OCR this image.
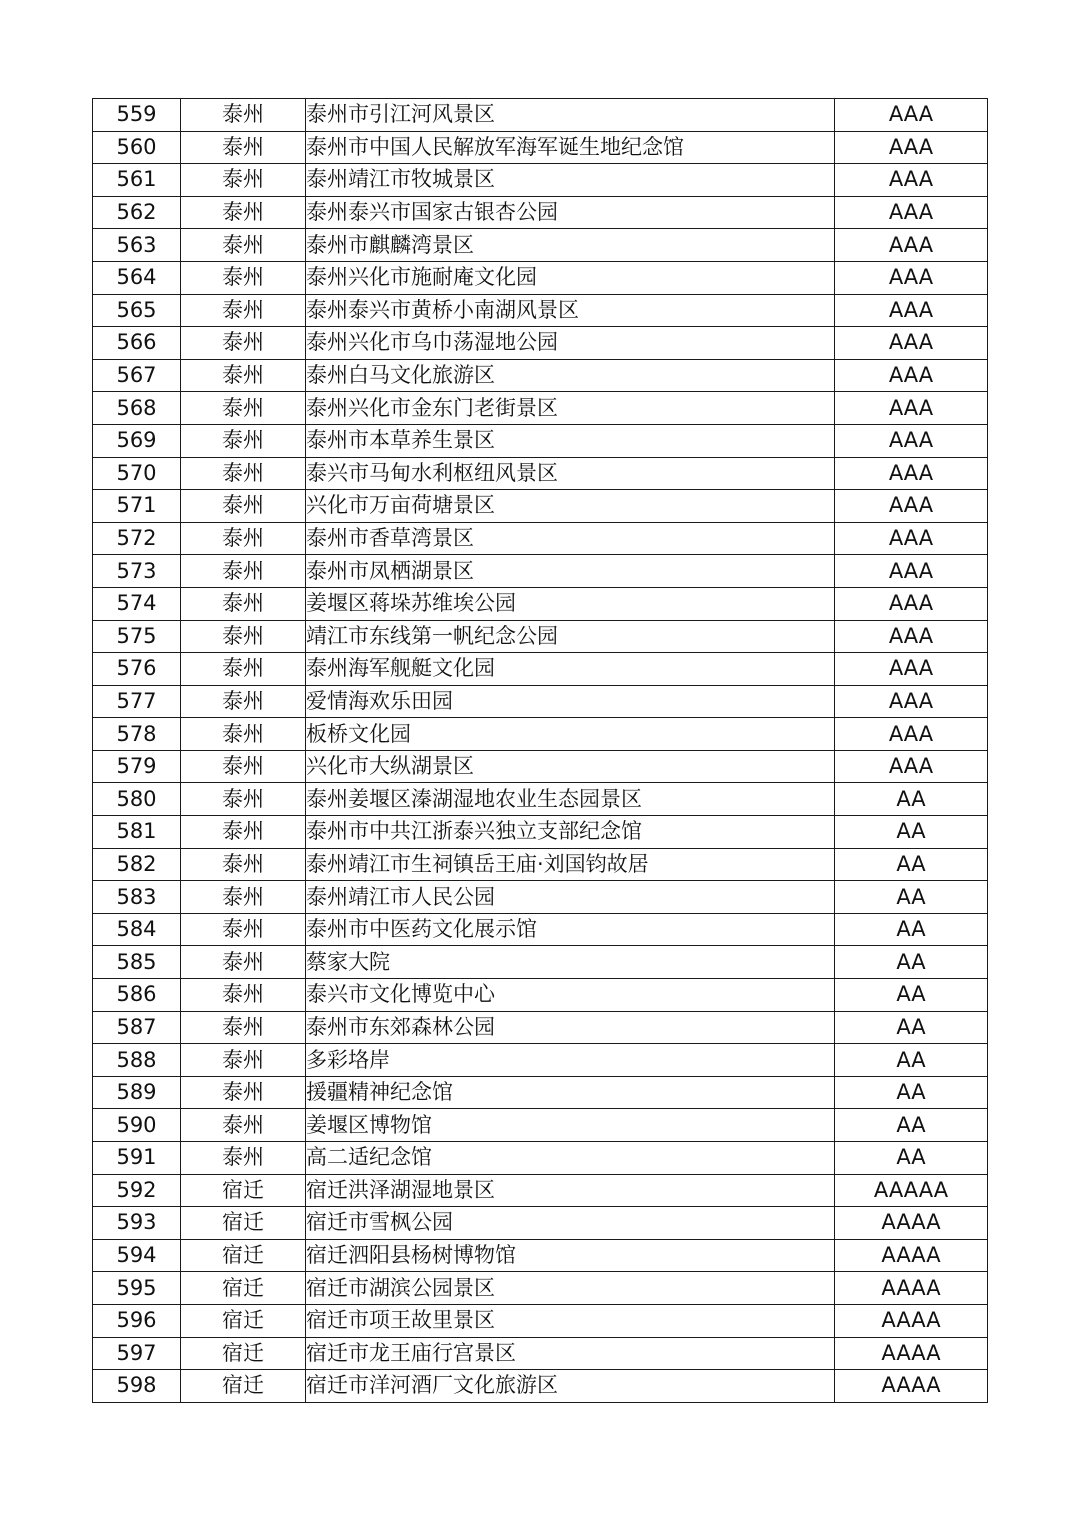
559	泰州	泰州市引江河风景区	AAA
560	泰州	泰州市中国人民解放军海军诞生地纪念馆	AAA
561	泰州	泰州靖江市牧城景区	AAA
562	泰州	泰州泰兴市国家古银杏公园	AAA
563	泰州	泰州市麒麟湾景区	AAA
564	泰州	泰州兴化市施耐庵文化园	AAA
565	泰州	泰州泰兴市黄桥小南湖风景区	AAA
566	泰州	泰州兴化市乌巾荡湿地公园	AAA
567	泰州	泰州白马文化旅游区	AAA
568	泰州	泰州兴化市金东门老街景区	AAA
569	泰州	泰州市本草养生景区	AAA
570	泰州	泰兴市马甸水利枢纽风景区	AAA
571	泰州	兴化市万亩荷塘景区	AAA
572	泰州	泰州市香草湾景区	AAA
573	泰州	泰州市凤栖湖景区	AAA
574	泰州	姜堰区蒋垛苏维埃公园	AAA
575	泰州	靖江市东线第一帆纪念公园	AAA
576	泰州	泰州海军舰艇文化园	AAA
577	泰州	爱情海欢乐田园	AAA
578	泰州	板桥文化园	AAA
579	泰州	兴化市大纵湖景区	AAA
580	泰州	泰州姜堰区溱湖湿地农业生态园景区	AA
581	泰州	泰州市中共江浙泰兴独立支部纪念馆	AA
582	泰州	泰州靖江市生祠镇岳王庙·刘国钧故居	AA
583	泰州	泰州靖江市人民公园	AA
584	泰州	泰州市中医药文化展示馆	AA
585	泰州	蔡家大院	AA
586	泰州	泰兴市文化博览中心	AA
587	泰州	泰州市东郊森林公园	AA
588	泰州	多彩垎岸	AA
589	泰州	援疆精神纪念馆	AA
590	泰州	姜堰区博物馆	AA
591	泰州	高二适纪念馆	AA
592	宿迁	宿迁洪泽湖湿地景区	AAAAA
593	宿迁	宿迁市雪枫公园	AAAA
594	宿迁	宿迁泗阳县杨树博物馆	AAAA
595	宿迁	宿迁市湖滨公园景区	AAAA
596	宿迁	宿迁市项王故里景区	AAAA
597	宿迁	宿迁市龙王庙行宫景区	AAAA
598	宿迁	宿迁市洋河酒厂文化旅游区	AAAA
